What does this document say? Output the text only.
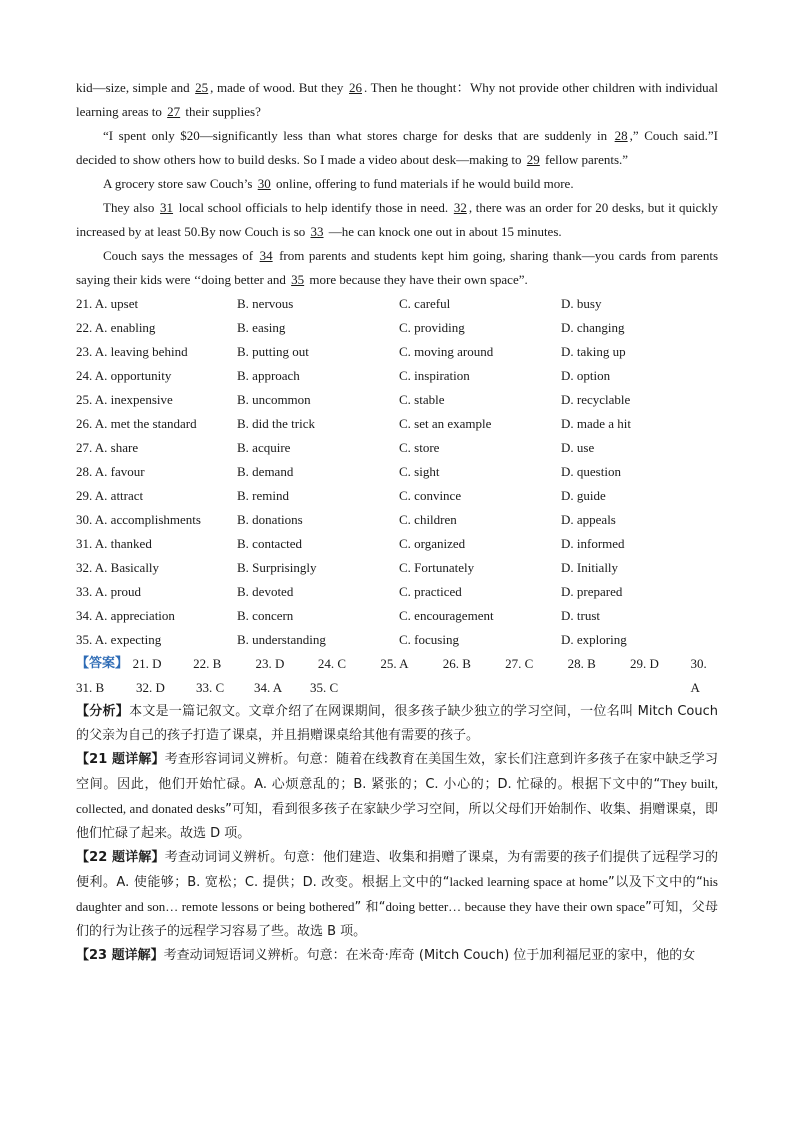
kid—size, simple and 25 , made of wood. But they 26 . Then he thought：Why not provide other children with individual learning areas to 27 their supplies?

“I spent only $20—significantly less than what stores charge for desks that are suddenly in 28 ,” Couch said.”I decided to show others how to build desks. So I made a video about desk—making to 29 fellow parents.”

A grocery store saw Couch’s 30 online, offering to fund materials if he would build more.

They also 31 local school officials to help identify those in need. 32 , there was an order for 20 desks, but it quickly increased by at least 50.By now Couch is so 33 —he can knock one out in about 15 minutes.

Couch says the messages of 34 from parents and students kept him going, sharing thank—you cards from parents saying their kids were ‘‘doing better and 35 more because they have their own space”.

21. A. upset	B. nervous	C. careful	D. busy
22. A. enabling	B. easing	C. providing	D. changing
23. A. leaving behind	B. putting out	C. moving around	D. taking up
24. A. opportunity	B. approach	C. inspiration	D. option
25. A. inexpensive	B. uncommon	C. stable	D. recyclable
26. A. met the standard	B. did the trick	C. set an example	D. made a hit
27. A. share	B. acquire	C. store	D. use
28. A. favour	B. demand	C. sight	D. question
29. A. attract	B. remind	C. convince	D. guide
30. A. accomplishments	B. donations	C. children	D. appeals
31. A. thanked	B. contacted	C. organized	D. informed
32. A. Basically	B. Surprisingly	C. Fortunately	D. Initially
33. A. proud	B. devoted	C. practiced	D. prepared
34. A. appreciation	B. concern	C. encouragement	D. trust
35. A. expecting	B. understanding	C. focusing	D. exploring
【答案】 21. D	22. B	23. D	24. C	25. A	26. B	27. C	28. B	29. D	30. A
31. B	32. D	33. C	34. A	35. C

【分析】本文是一篇记叙文。文章介绍了在网课期间，很多孩子缺少独立的学习空间，一位名叫 Mitch Couch 的父亲为自己的孩子打造了课桌，并且捐赠课桌给其他有需要的孩子。

【21 题详解】考查形容词词义辨析。句意：随着在线教育在美国生效，家长们注意到许多孩子在家中缺乏学习空间。因此，他们开始忙碌。A. 心烦意乱的；B. 紧张的；C. 小心的；D. 忙碌的。根据下文中的“They built, collected, and donated desks”可知，看到很多孩子在家缺少学习空间，所以父母们开始制作、收集、捐赠课桌，即他们忙碌了起来。故选 D 项。

【22 题详解】考查动词词义辨析。句意：他们建造、收集和捐赠了课桌，为有需要的孩子们提供了远程学习的便利。A. 使能够；B. 宽松；C. 提供；D. 改变。根据上文中的“lacked learning space at home”以及下文中的“his daughter and son… remote lessons or being bothered” 和“doing better… because they have their own space”可知，父母们的行为让孩子的远程学习容易了些。故选 B 项。

【23 题详解】考查动词短语词义辨析。句意：在米奇·库奇 (Mitch Couch) 位于加利福尼亚的家中，他的女
